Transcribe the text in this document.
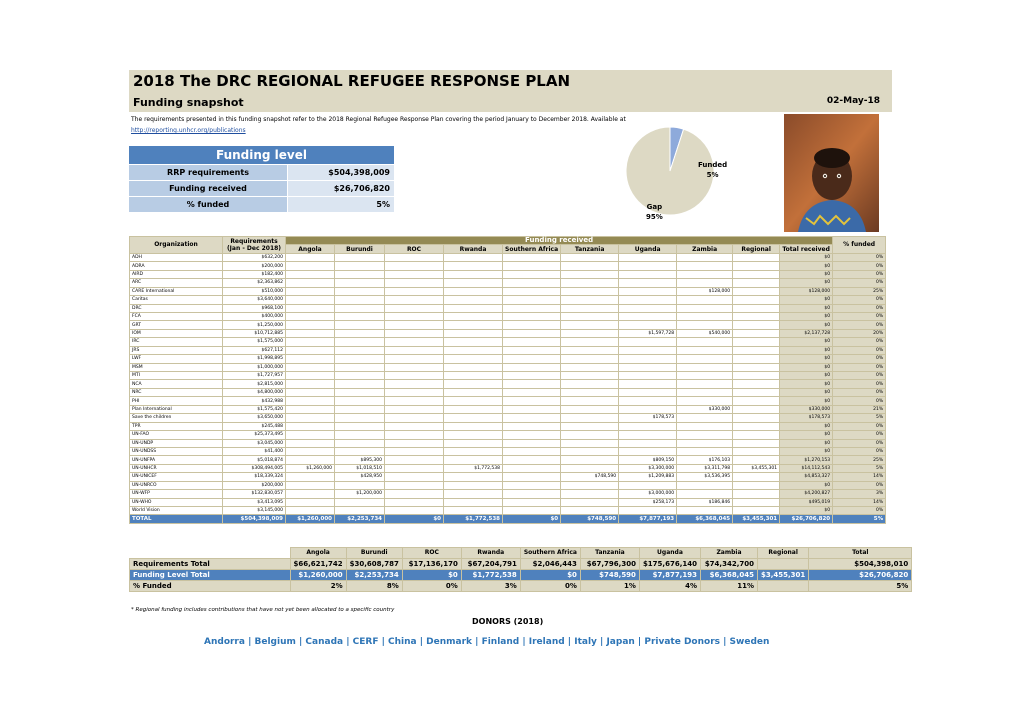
2018 The DRC REGIONAL REFUGEE RESPONSE PLAN
Funding snapshot	02-May-18
The requirements presented in this funding snapshot refer to the 2018 Regional Refugee Response Plan covering the period January to December 2018. Available at http://reporting.unhcr.org/publications
Funding level
RRP requirements	$504,398,009
Funding received	$26,706,820
% funded	5%
Funded
5%
Gap
95%
Organization	Requirements
(Jan - Dec 2018)	Funding received										% funded
		Angola	Burundi	ROC	Rwanda	Southern Africa	Tanzania	Uganda	Zambia	Regional	Total received	
ADH	$632,200										$0	0%
ADRA	$200,000										$0	0%
AIRD	$182,400										$0	0%
ARC	$2,363,862										$0	0%
CARE International	$510,000								$128,000		$128,000	25%
Caritas	$3,640,000										$0	0%
DRC	$968,100										$0	0%
FCA	$400,000										$0	0%
GRT	$1,250,000										$0	0%
IOM	$10,712,885							$1,597,728	$540,000		$2,137,728	20%
IRC	$1,575,000										$0	0%
JRS	$627,112										$0	0%
LWF	$1,998,895										$0	0%
MSM	$1,000,000										$0	0%
MTI	$1,727,957										$0	0%
NCA	$2,815,000										$0	0%
NRC	$4,800,000										$0	0%
PHI	$432,988										$0	0%
Plan International	$1,575,420								$330,000		$330,000	21%
Save the children	$3,650,000							$178,573			$178,573	5%
TPR	$245,488										$0	0%
UN-FAO	$25,373,495										$0	0%
UN-UNDP	$3,045,000										$0	0%
UN-UNDSS	$41,400										$0	0%
UN-UNFPA	$5,018,874		$895,300					$809,150	$176,103		$1,270,153	25%
UN-UNHCR	$308,494,005	$1,260,000	$1,018,510		$1,772,538			$3,300,000	$3,311,798	$3,455,301	$14,112,543	5%
UN-UNICEF	$18,339,324		$428,950				$748,590	$1,209,883	$3,536,395		$4,853,327	14%
UN-UNRCO	$200,000										$0	0%
UN-WFP	$132,830,057		$1,200,000					$3,000,000			$4,200,827	3%
UN-WHO	$3,413,095							$258,173	$186,846		$495,019	14%
World Vision	$3,145,000										$0	0%
TOTAL	$504,398,009	$1,260,000	$2,253,734	$0	$1,772,538	$0	$748,590	$7,877,193	$6,368,045	$3,455,301	$26,706,820	5%
	Angola	Burundi	ROC	Rwanda	Southern Africa	Tanzania	Uganda	Zambia	Regional	Total
Requirements Total	$66,621,742	$30,608,787	$17,136,170	$67,204,791	$2,046,443	$67,796,300	$175,676,140	$74,342,700		$504,398,010
Funding Level Total	$1,260,000	$2,253,734	$0	$1,772,538	$0	$748,590	$7,877,193	$6,368,045	$3,455,301	$26,706,820
% Funded	2%	8%	0%	3%	0%	1%	4%	11%		5%
* Regional funding includes contributions that have not yet been allocated to a specific country
DONORS (2018)
Andorra | Belgium | Canada | CERF | China | Denmark | Finland | Ireland | Italy | Japan | Private Donors | Sweden
